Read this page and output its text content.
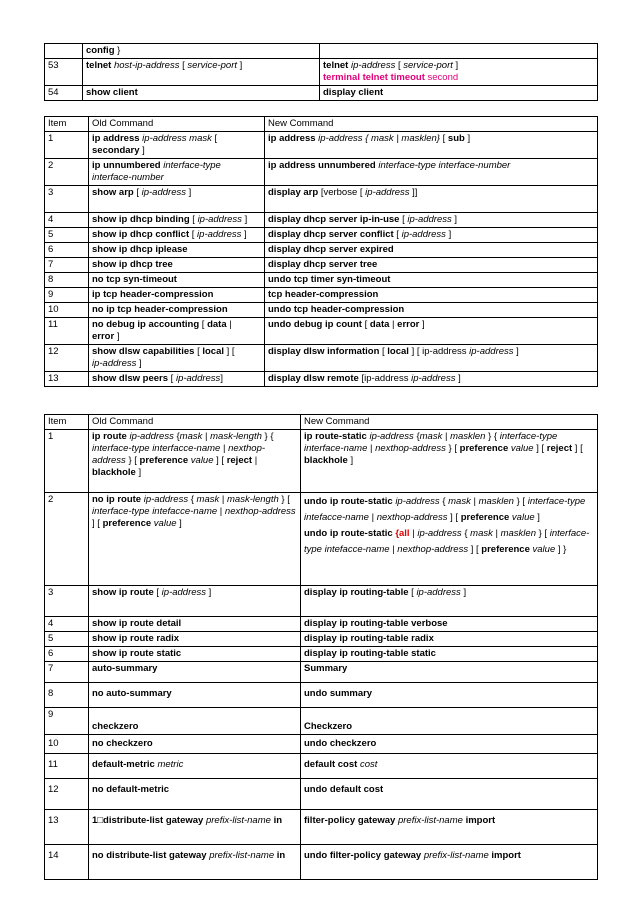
	config }	
53	telnet host-ip-address [ service-port ]	telnet ip-address [ service-port ]
terminal telnet timeout second
54	show client	display client
Item	Old Command	New Command
1	ip address ip-address mask [
secondary ]	ip address ip-address { mask | masklen} [ sub ]
2	ip unnumbered interface-type interface-number	ip address unnumbered interface-type interface-number
3	show arp [ ip-address ]	display arp [verbose [ ip-address ]]
4	show ip dhcp binding [ ip-address ]	display dhcp server ip-in-use [ ip-address ]
5	show ip dhcp conflict [ ip-address ]	display dhcp server conflict [ ip-address ]
6	show ip dhcp iplease	display dhcp server expired
7	show ip dhcp tree	display dhcp server tree
8	no tcp syn-timeout	undo tcp timer syn-timeout
9	ip tcp header-compression	tcp header-compression
10	no ip tcp header-compression	undo tcp header-compression
11	no debug ip accounting [ data |
error ]	undo debug ip count [ data | error ]
12	show dlsw capabilities [ local ] [
ip-address ]	display dlsw information [ local ] [ ip-address ip-address ]
13	show dlsw peers [ ip-address]	display dlsw remote [ip-address ip-address ]
Item	Old Command	New Command
1	ip route ip-address {mask | mask-length } { interface-type interfacce-name | nexthop-address } [ preference value ] [ reject | blackhole ]	ip route-static ip-address {mask | masklen } { interface-type interface-name | nexthop-address } [ preference value ] [ reject ] [ blackhole ]
2	no ip route ip-address { mask | mask-length } [ interface-type intefacce-name | nexthop-address ] [ preference value ]	undo ip route-static ip-address { mask | masklen } [ interface-type intefacce-name | nexthop-address ] [ preference value ]
undo ip route-static {all | ip-address { mask | masklen } [ interface-type intefacce-name | nexthop-address ] [ preference value ] }
3	show ip route [ ip-address ]	display ip routing-table [ ip-address ]
4	show ip route detail	display ip routing-table verbose
5	show ip route radix	display ip routing-table radix
6	show ip route static	display ip routing-table static
7	auto-summary	Summary
8	no auto-summary	undo summary
9	checkzero	Checkzero
10	no checkzero	undo checkzero
11	default-metric metric	default cost cost
12	no default-metric	undo default cost
13	1□distribute-list gateway prefix-list-name in	filter-policy gateway prefix-list-name import
14	no distribute-list gateway prefix-list-name in	undo filter-policy gateway prefix-list-name import
